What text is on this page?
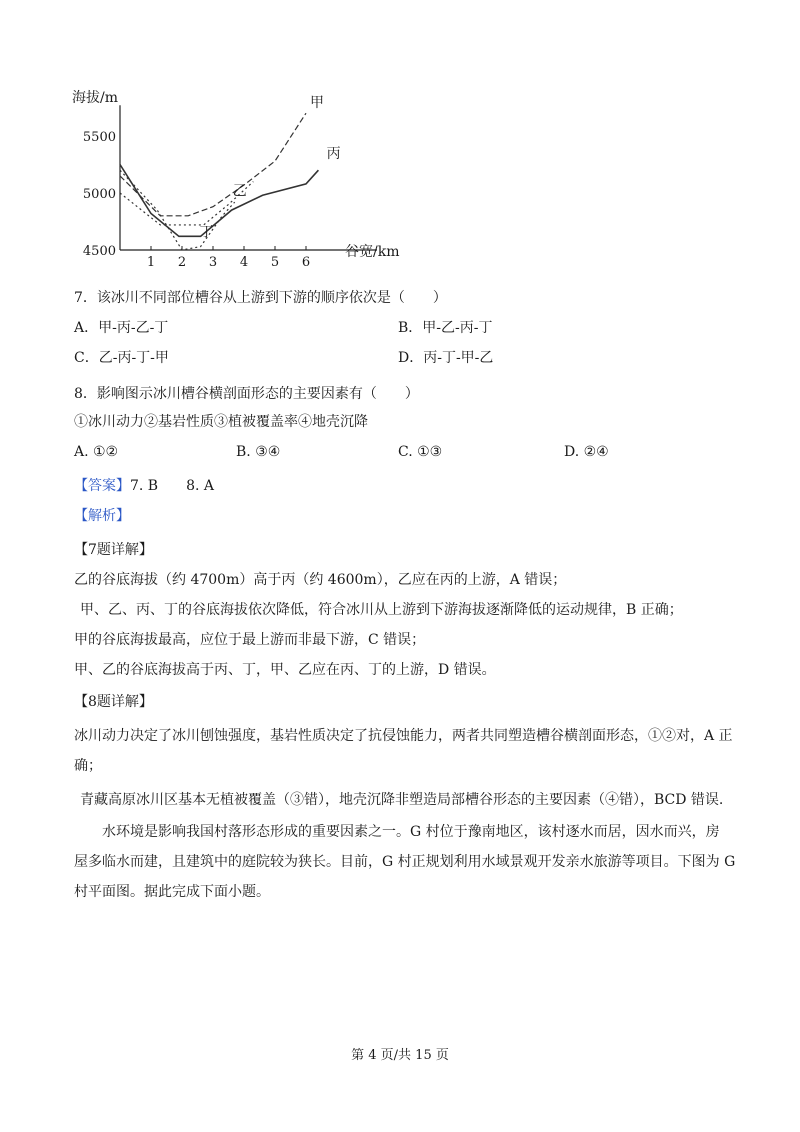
4500
5000
5500
1 2 3 4 5 6
海拔/m
谷宽/km
甲
乙
丙
丁
7．该冰川不同部位槽谷从上游到下游的顺序依次是（　　）
A．甲-丙-乙-丁	B．甲-乙-丙-丁
C．乙-丙-丁-甲	D．丙-丁-甲-乙
8．影响图示冰川槽谷横剖面形态的主要因素有（　　）
①冰川动力②基岩性质③植被覆盖率④地壳沉降
A. ①②	B. ③④	C. ①③	D. ②④
【答案】7. B　　8. A
【解析】
【7题详解】
乙的谷底海拔（约 4700m）高于丙（约 4600m），乙应在丙的上游，A 错误；
甲、乙、丙、丁的谷底海拔依次降低，符合冰川从上游到下游海拔逐渐降低的运动规律，B 正确；
甲的谷底海拔最高，应位于最上游而非最下游，C 错误；
甲、乙的谷底海拔高于丙、丁，甲、乙应在丙、丁的上游，D 错误。
【8题详解】
冰川动力决定了冰川刨蚀强度，基岩性质决定了抗侵蚀能力，两者共同塑造槽谷横剖面形态，①②对，A 正
确；
青藏高原冰川区基本无植被覆盖（③错），地壳沉降非塑造局部槽谷形态的主要因素（④错），BCD 错误.
水环境是影响我国村落形态形成的重要因素之一。G 村位于豫南地区，该村逐水而居，因水而兴，房
屋多临水而建，且建筑中的庭院较为狭长。目前，G 村正规划利用水域景观开发亲水旅游等项目。下图为 G
村平面图。据此完成下面小题。
第 4 页/共 15 页
